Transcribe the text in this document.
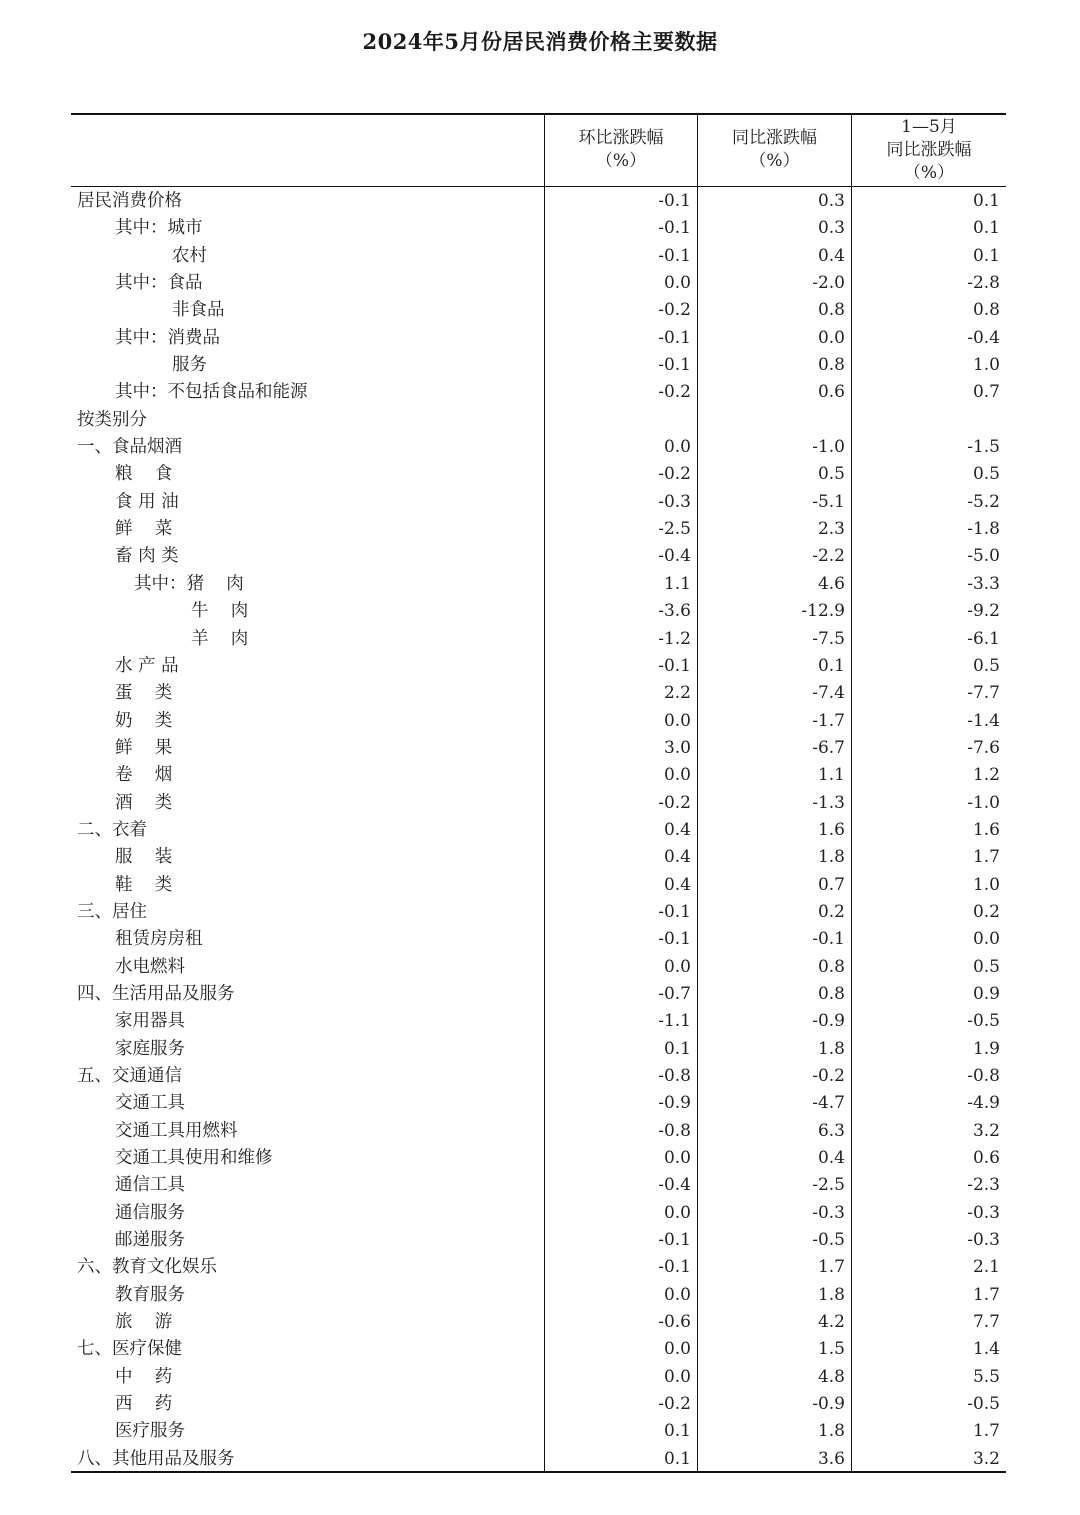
2024年5月份居民消费价格主要数据
环比涨跌幅
（%）
同比涨跌幅
（%）
1—5月
同比涨跌幅
（%）
居民消费价格	-0.1	0.3	0.1
其中：城市	-0.1	0.3	0.1
农村	-0.1	0.4	0.1
其中：食品	0.0	-2.0	-2.8
非食品	-0.2	0.8	0.8
其中：消费品	-0.1	0.0	-0.4
服务	-0.1	0.8	1.0
其中：不包括食品和能源	-0.2	0.6	0.7
按类别分
一、食品烟酒	0.0	-1.0	-1.5
粮    食	-0.2	0.5	0.5
食 用 油	-0.3	-5.1	-5.2
鲜    菜	-2.5	2.3	-1.8
畜 肉 类	-0.4	-2.2	-5.0
其中：猪    肉	1.1	4.6	-3.3
牛    肉	-3.6	-12.9	-9.2
羊    肉	-1.2	-7.5	-6.1
水 产 品	-0.1	0.1	0.5
蛋    类	2.2	-7.4	-7.7
奶    类	0.0	-1.7	-1.4
鲜    果	3.0	-6.7	-7.6
卷    烟	0.0	1.1	1.2
酒    类	-0.2	-1.3	-1.0
二、衣着	0.4	1.6	1.6
服    装	0.4	1.8	1.7
鞋    类	0.4	0.7	1.0
三、居住	-0.1	0.2	0.2
租赁房房租	-0.1	-0.1	0.0
水电燃料	0.0	0.8	0.5
四、生活用品及服务	-0.7	0.8	0.9
家用器具	-1.1	-0.9	-0.5
家庭服务	0.1	1.8	1.9
五、交通通信	-0.8	-0.2	-0.8
交通工具	-0.9	-4.7	-4.9
交通工具用燃料	-0.8	6.3	3.2
交通工具使用和维修	0.0	0.4	0.6
通信工具	-0.4	-2.5	-2.3
通信服务	0.0	-0.3	-0.3
邮递服务	-0.1	-0.5	-0.3
六、教育文化娱乐	-0.1	1.7	2.1
教育服务	0.0	1.8	1.7
旅    游	-0.6	4.2	7.7
七、医疗保健	0.0	1.5	1.4
中    药	0.0	4.8	5.5
西    药	-0.2	-0.9	-0.5
医疗服务	0.1	1.8	1.7
八、其他用品及服务	0.1	3.6	3.2
